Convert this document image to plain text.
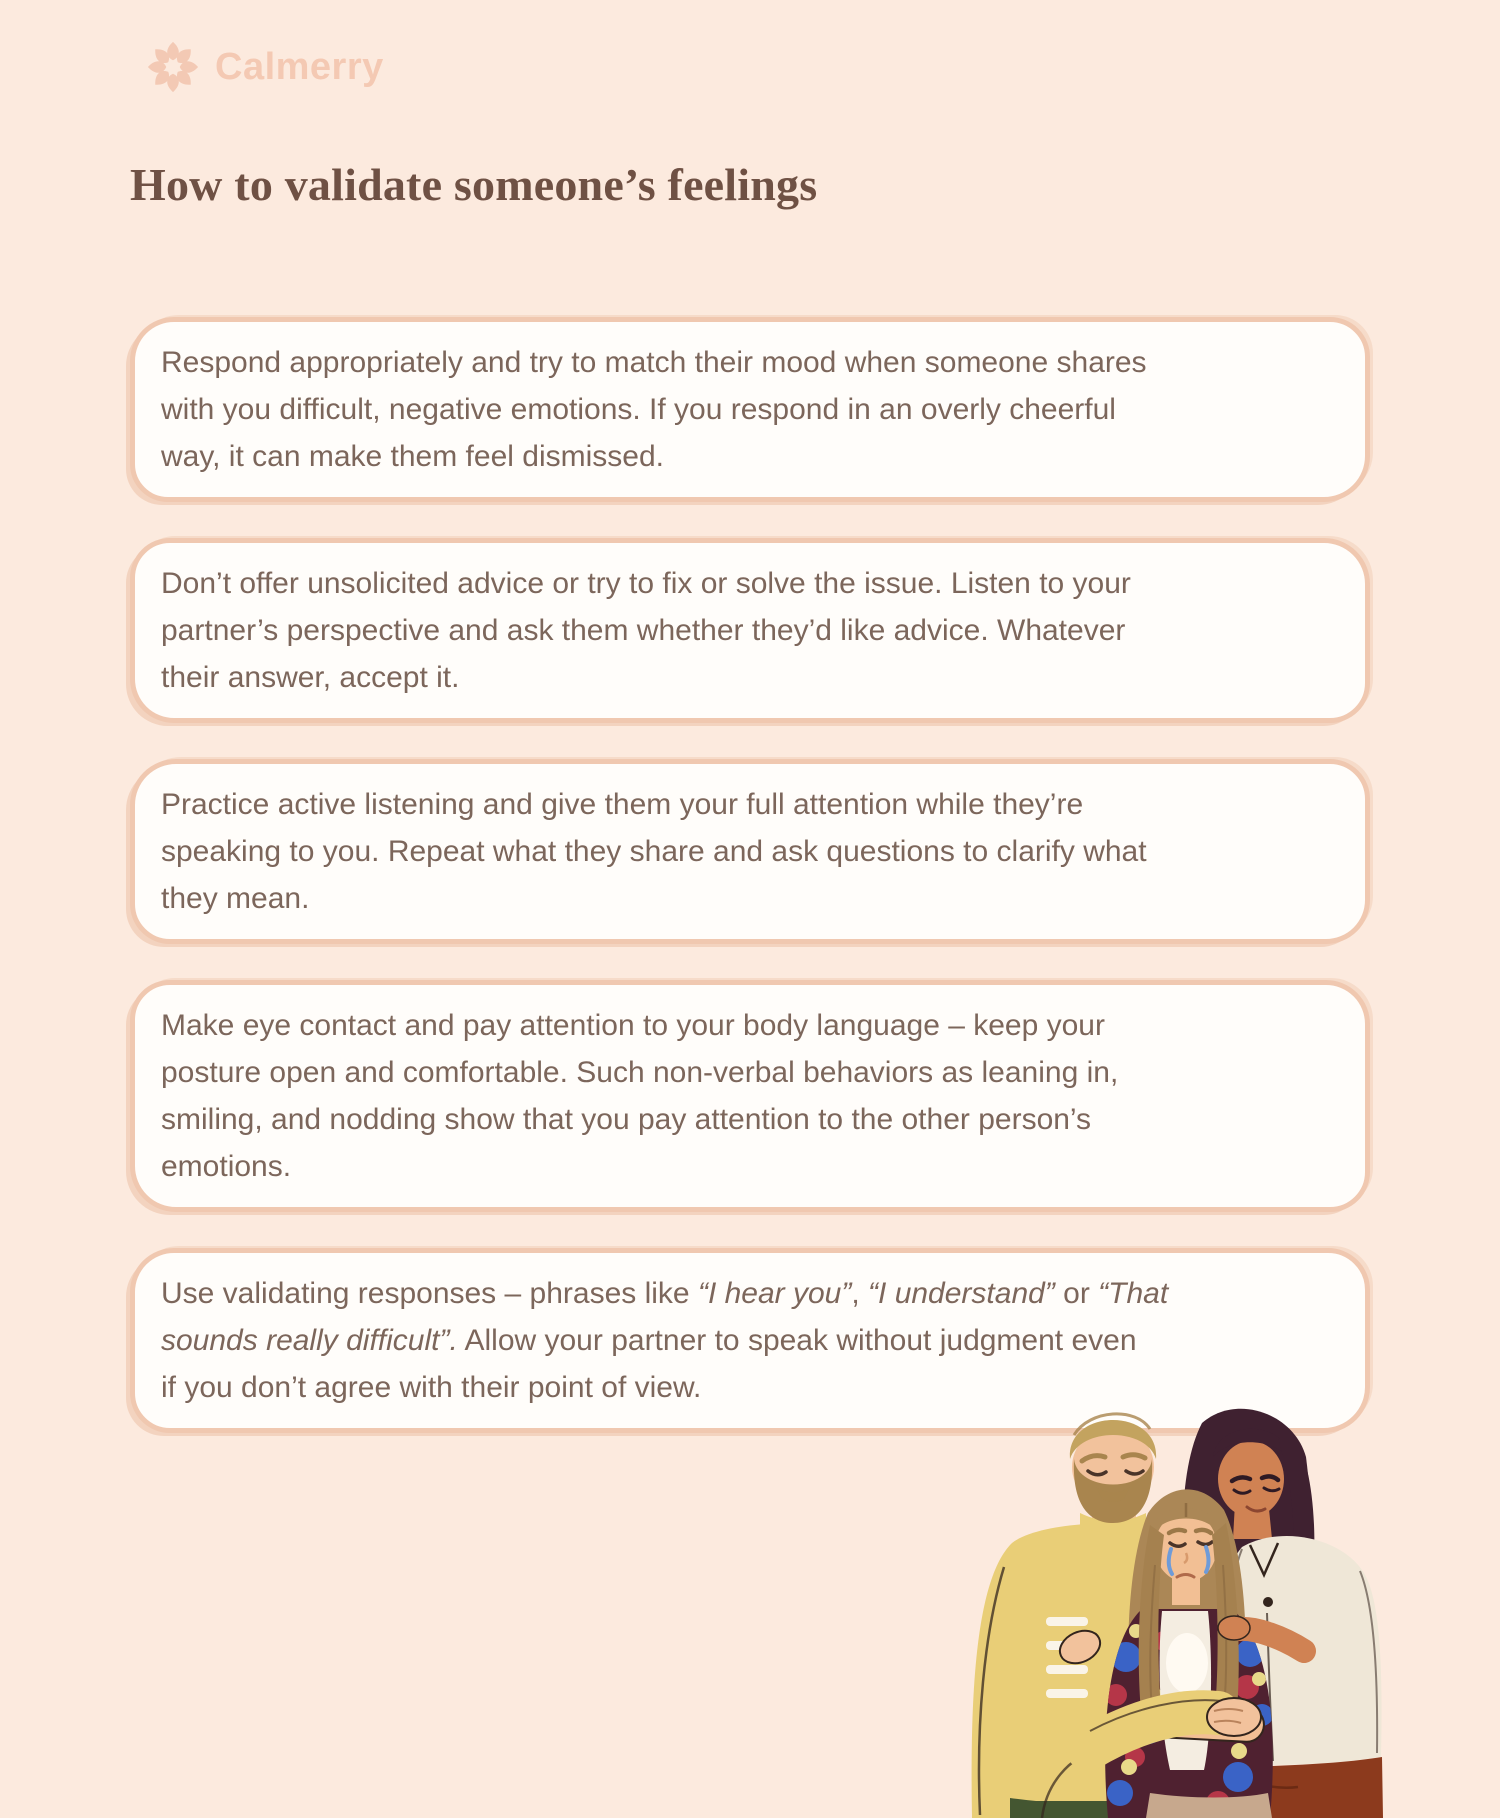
Calmerry
How to validate someone’s feelings
Respond appropriately and try to match their mood when someone shares
with you difficult, negative emotions. If you respond in an overly cheerful
way, it can make them feel dismissed.
Don’t offer unsolicited advice or try to fix or solve the issue. Listen to your
partner’s perspective and ask them whether they’d like advice. Whatever
their answer, accept it.
Practice active listening and give them your full attention while they’re
speaking to you. Repeat what they share and ask questions to clarify what
they mean.
Make eye contact and pay attention to your body language – keep your
posture open and comfortable. Such non-verbal behaviors as leaning in,
smiling, and nodding show that you pay attention to the other person’s
emotions.
Use validating responses – phrases like “I hear you”, “I understand” or “That
sounds really difficult”. Allow your partner to speak without judgment even
if you don’t agree with their point of view.
